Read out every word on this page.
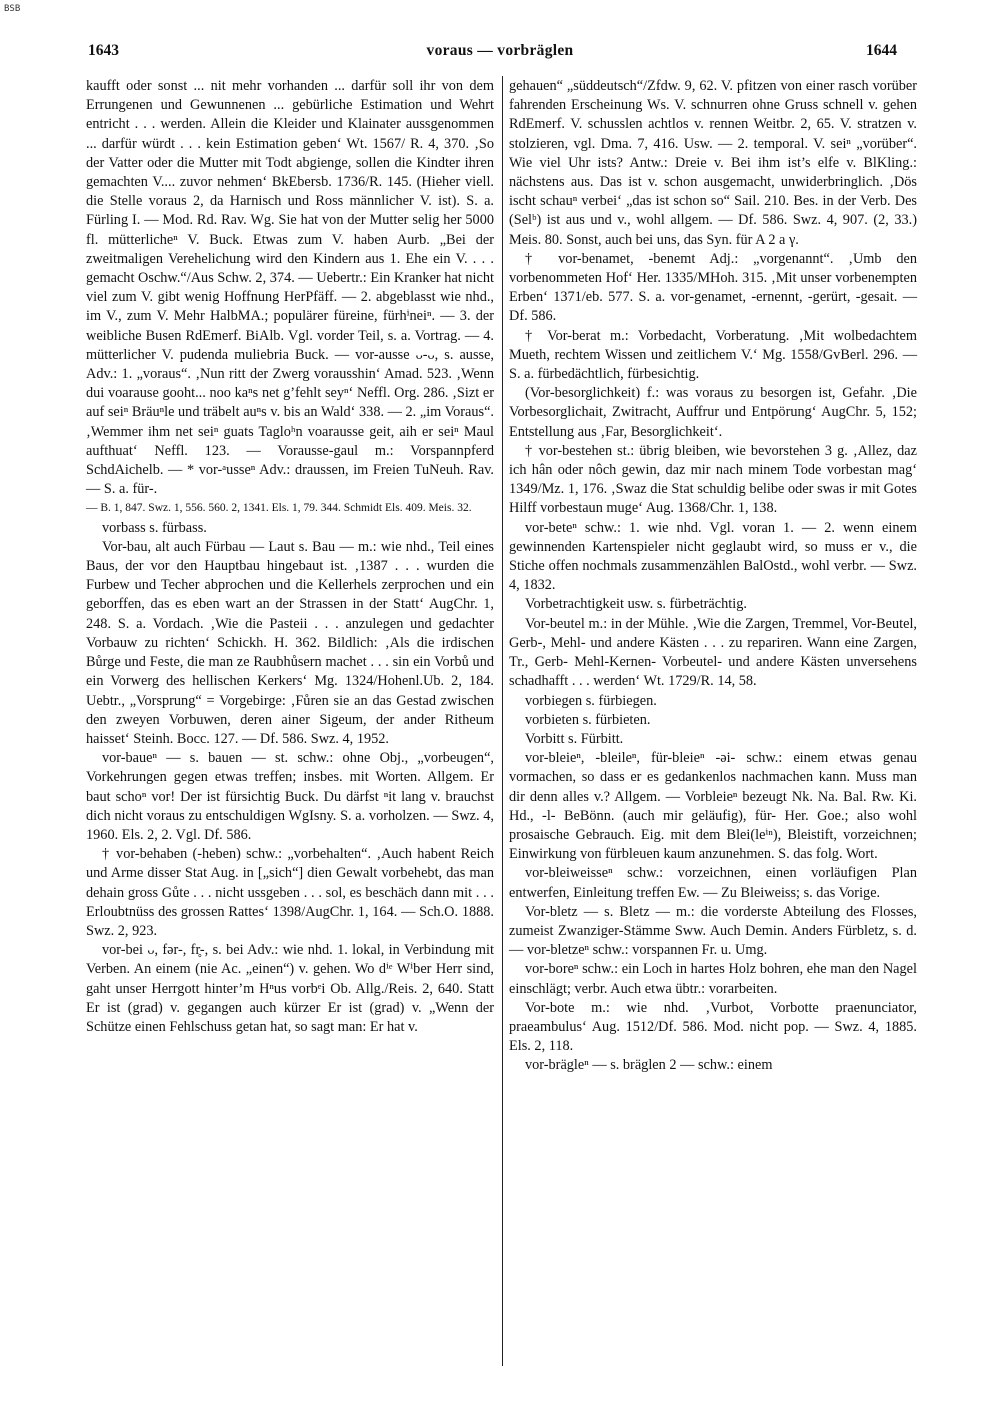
BSB
1643	voraus — vorbräglen	1644

kaufft oder sonst ... nit mehr vorhanden ... darfür soll ihr von dem Errungenen und Gewunnenen ... gebürliche Estimation und Wehrt entricht . . . werden. Allein die Kleider und Klainater aussgenommen ... darfür würdt . . . kein Estimation geben‘ Wt. 1567/ R. 4, 370. ‚So der Vatter oder die Mutter mit Todt abgienge, sollen die Kindter ihren gemachten V.... zuvor nehmen‘ BkEbersb. 1736/R. 145. (Hieher viell. die Stelle voraus 2, da Harnisch und Ross männlicher V. ist). S. a. Fürling I. — Mod. Rd. Rav. Wg. Sie hat von der Mutter selig her 5000 fl. mütterlicheⁿ V. Buck. Etwas zum V. haben Aurb. „Bei der zweitmaligen Verehelichung wird den Kindern aus 1. Ehe ein V. . . . gemacht Oschw.“/Aus Schw. 2, 374. — Uebertr.: Ein Kranker hat nicht viel zum V. gibt wenig Hoffnung HerPfäff. — 2. abgeblasst wie nhd., im V., zum V. Mehr HalbMA.; populärer füreine, fürhⁱneiⁿ. — 3. der weibliche Busen RdEmerf. BiAlb. Vgl. vorder Teil, s. a. Vortrag. — 4. mütterlicher V. pudenda muliebria Buck. — vor-ausse ᴗ-ᴗ, s. ausse, Adv.: 1. „voraus“. ‚Nun ritt der Zwerg vorausshin‘ Amad. 523. ‚Wenn dui voarause gooht... noo kaⁿs net g’fehlt seyⁿ‘ Neffl. Org. 286. ‚Sizt er auf seiⁿ Bräuⁿle und träbelt auⁿs v. bis an Wald‘ 338. — 2. „im Voraus“. ‚Wemmer ihm net seiⁿ guats Tagloʰn voarausse geit, aih er seiⁿ Maul aufthuat‘ Neffl. 123. — Vorausse-gaul m.: Vorspannpferd SchdAichelb. — * vor-ᵃusseⁿ Adv.: draussen, im Freien TuNeuh. Rav. — S. a. für-.

— B. 1, 847. Swz. 1, 556. 560. 2, 1341. Els. 1, 79. 344. Schmidt Els. 409. Meis. 32.

vorbass s. fürbass.

Vor-bau, alt auch Fürbau — Laut s. Bau — m.: wie nhd., Teil eines Baus, der vor den Hauptbau hingebaut ist. ‚1387 . . . wurden die Furbew und Techer abprochen und die Kellerhels zerprochen und ein geborffen, das es eben wart an der Strassen in der Statt‘ AugChr. 1, 248. S. a. Vordach. ‚Wie die Pasteii . . . anzulegen und gedachter Vorbauw zu richten‘ Schickh. H. 362. Bildlich: ‚Als die irdischen Bůrge und Feste, die man ze Raubhůsern machet . . . sin ein Vorbů und ein Vorwerg des hellischen Kerkers‘ Mg. 1324/Hohenl.Ub. 2, 184. Uebtr., „Vorsprung“ = Vorgebirge: ‚Fůren sie an das Gestad zwischen den zweyen Vorbuwen, deren ainer Sigeum, der ander Ritheum haisset‘ Steinh. Bocc. 127. — Df. 586. Swz. 4, 1952.

vor-baueⁿ — s. bauen — st. schw.: ohne Obj., „vorbeugen“, Vorkehrungen gegen etwas treffen; insbes. mit Worten. Allgem. Er baut schoⁿ vor! Der ist fürsichtig Buck. Du därfst ⁿit lang v. brauchst dich nicht voraus zu entschuldigen WgIsny. S. a. vorholzen. — Swz. 4, 1960. Els. 2, 2. Vgl. Df. 586.

† vor-behaben (-heben) schw.: „vorbehalten“. ‚Auch habent Reich und Arme disser Stat Aug. in [„sich“] dien Gewalt vorbehebt, das man dehain gross Gůte . . . nicht ussgeben . . . sol, es beschäch dann mit . . . Erloubtnüss des grossen Rattes‘ 1398/AugChr. 1, 164. — Sch.O. 1888. Swz. 2, 923.

vor-bei ᴗ, fər-, fr̥-, s. bei Adv.: wie nhd. 1. lokal, in Verbindung mit Verben. An einem (nie Ac. „einen“) v. gehen. Wo dⁱᵉ Wⁱber Herr sind, gaht unser Herrgott hinter’m Hⁿus vorbᵉi Ob. Allg./Reis. 2, 640. Statt Er ist (grad) v. gegangen auch kürzer Er ist (grad) v. „Wenn der Schütze einen Fehlschuss getan hat, so sagt man: Er hat v.

gehauen“ „süddeutsch“/Zfdw. 9, 62. V. pfitzen von einer rasch vorüber fahrenden Erscheinung Ws. V. schnurren ohne Gruss schnell v. gehen RdEmerf. V. schusslen achtlos v. rennen Weitbr. 2, 65. V. stratzen v. stolzieren, vgl. Dma. 7, 416. Usw. — 2. temporal. V. seiⁿ „vorüber“. Wie viel Uhr ists? Antw.: Dreie v. Bei ihm ist’s elfe v. BlKling.: nächstens aus. Das ist v. schon ausgemacht, unwiderbringlich. ‚Dös ischt schauⁿ verbei‘ „das ist schon so“ Sail. 210. Bes. in der Verb. Des (Selᵇ) ist aus und v., wohl allgem. — Df. 586. Swz. 4, 907. (2, 33.) Meis. 80. Sonst, auch bei uns, das Syn. für A 2 a γ.

† vor-benamet, -benemt Adj.: „vorgenannt“. ‚Umb den vorbenommeten Hof‘ Her. 1335/MHoh. 315. ‚Mit unser vorbenempten Erben‘ 1371/eb. 577. S. a. vor-genamet, -ernennt, -gerürt, -gesait. — Df. 586.

† Vor-berat m.: Vorbedacht, Vorberatung. ‚Mit wolbedachtem Mueth, rechtem Wissen und zeitlichem V.‘ Mg. 1558/GvBerl. 296. — S. a. fürbedächtlich, fürbesichtig.

(Vor-besorglichkeit) f.: was voraus zu besorgen ist, Gefahr. ‚Die Vorbesorglichait, Zwitracht, Auffrur und Entpörung‘ AugChr. 5, 152; Entstellung aus ‚Far, Besorglichkeit‘.

† vor-bestehen st.: übrig bleiben, wie bevorstehen 3 g. ‚Allez, daz ich hân oder nôch gewin, daz mir nach minem Tode vorbestan mag‘ 1349/Mz. 1, 176. ‚Swaz die Stat schuldig belibe oder swas ir mit Gotes Hilff vorbestaun muge‘ Aug. 1368/Chr. 1, 138.

vor-beteⁿ schw.: 1. wie nhd. Vgl. voran 1. — 2. wenn einem gewinnenden Kartenspieler nicht geglaubt wird, so muss er v., die Stiche offen nochmals zusammenzählen BalOstd., wohl verbr. — Swz. 4, 1832.

Vorbetrachtigkeit usw. s. fürbeträchtig.

Vor-beutel m.: in der Mühle. ‚Wie die Zargen, Tremmel, Vor-Beutel, Gerb-, Mehl- und andere Kästen . . . zu repariren. Wann eine Zargen, Tr., Gerb- Mehl-Kernen- Vorbeutel- und andere Kästen unversehens schadhafft . . . werden‘ Wt. 1729/R. 14, 58.

vorbiegen s. fürbiegen.

vorbieten s. fürbieten.

Vorbitt s. Fürbitt.

vor-bleieⁿ, -bleileⁿ, für-bleieⁿ -əi- schw.: einem etwas genau vormachen, so dass er es gedankenlos nachmachen kann. Muss man dir denn alles v.? Allgem. — Vorbleieⁿ bezeugt Nk. Na. Bal. Rw. Ki. Hd., -l- BeBönn. (auch mir geläufig), für- Her. Goe.; also wohl prosaische Gebrauch. Eig. mit dem Blei(leⁱⁿ), Bleistift, vorzeichnen; Einwirkung von fürbleuen kaum anzunehmen. S. das folg. Wort.

vor-bleiweisseⁿ schw.: vorzeichnen, einen vorläufigen Plan entwerfen, Einleitung treffen Ew. — Zu Bleiweiss; s. das Vorige.

Vor-bletz — s. Bletz — m.: die vorderste Abteilung des Flosses, zumeist Zwanziger-Stämme Sww. Auch Demin. Anders Fürbletz, s. d. — vor-bletzeⁿ schw.: vorspannen Fr. u. Umg.

vor-boreⁿ schw.: ein Loch in hartes Holz bohren, ehe man den Nagel einschlägt; verbr. Auch etwa übtr.: vorarbeiten.

Vor-bote m.: wie nhd. ‚Vurbot, Vorbotte praenunciator, praeambulus‘ Aug. 1512/Df. 586. Mod. nicht pop. — Swz. 4, 1885. Els. 2, 118.

vor-brägleⁿ — s. bräglen 2 — schw.: einem
